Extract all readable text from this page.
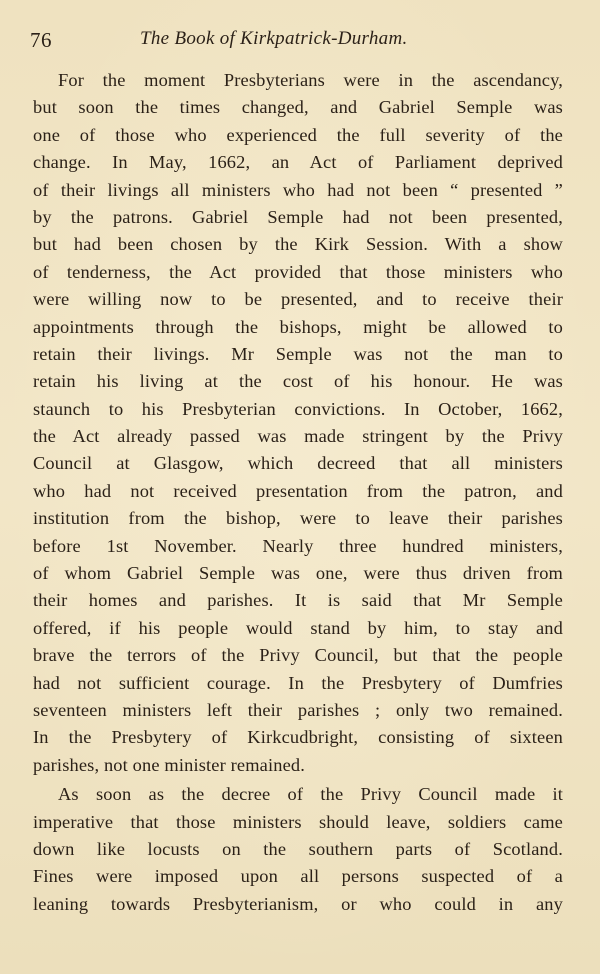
76	The Book of Kirkpatrick-Durham.
For the moment Presbyterians were in the ascendancy,
but soon the times changed, and Gabriel Semple was
one of those who experienced the full severity of the
change. In May, 1662, an Act of Parliament deprived
of their livings all ministers who had not been “ presented ”
by the patrons. Gabriel Semple had not been presented,
but had been chosen by the Kirk Session. With a show
of tenderness, the Act provided that those ministers who
were willing now to be presented, and to receive their
appointments through the bishops, might be allowed to
retain their livings. Mr Semple was not the man to
retain his living at the cost of his honour. He was
staunch to his Presbyterian convictions. In October, 1662,
the Act already passed was made stringent by the Privy
Council at Glasgow, which decreed that all ministers
who had not received presentation from the patron, and
institution from the bishop, were to leave their parishes
before 1st November. Nearly three hundred ministers,
of whom Gabriel Semple was one, were thus driven from
their homes and parishes. It is said that Mr Semple
offered, if his people would stand by him, to stay and
brave the terrors of the Privy Council, but that the people
had not sufficient courage. In the Presbytery of Dumfries
seventeen ministers left their parishes ; only two remained.
In the Presbytery of Kirkcudbright, consisting of sixteen
parishes, not one minister remained.
As soon as the decree of the Privy Council made it
imperative that those ministers should leave, soldiers came
down like locusts on the southern parts of Scotland.
Fines were imposed upon all persons suspected of a
leaning towards Presbyterianism, or who could in any
